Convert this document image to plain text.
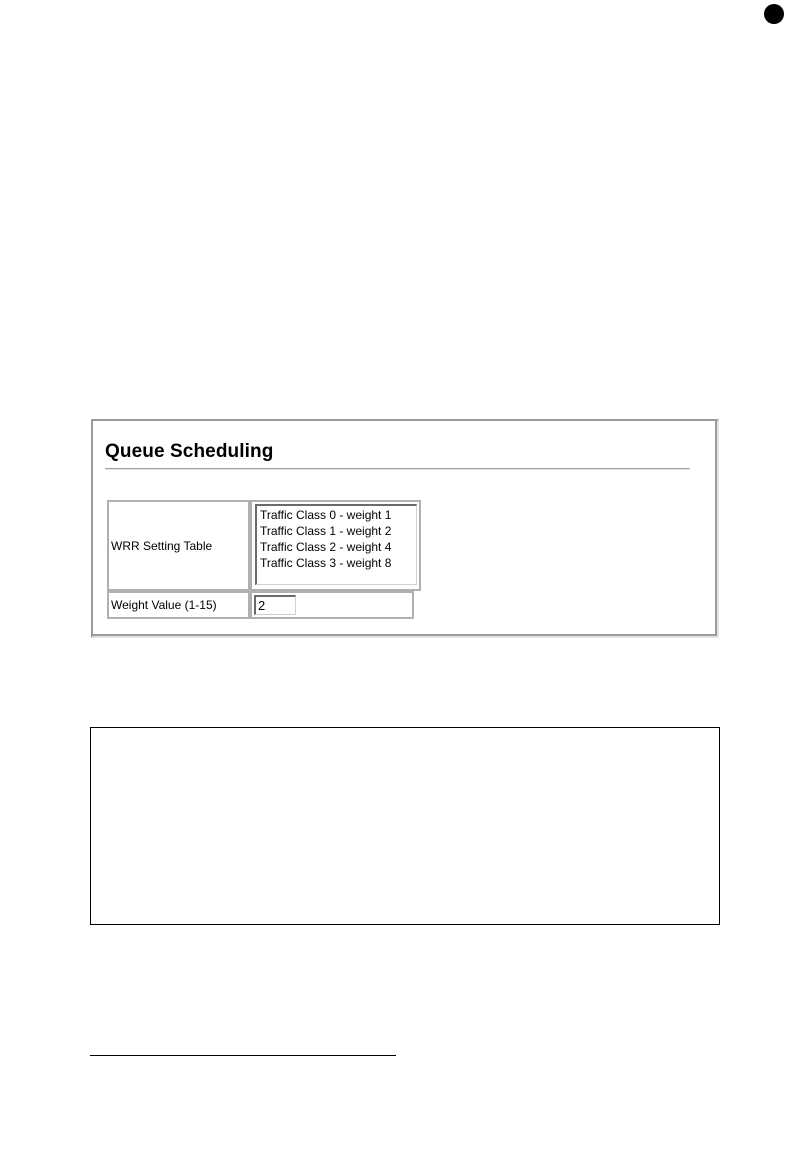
Queue Scheduling
WRR Setting Table
Traffic Class 0 - weight 1
Traffic Class 1 - weight 2
Traffic Class 2 - weight 4
Traffic Class 3 - weight 8
Weight Value (1-15)
2
